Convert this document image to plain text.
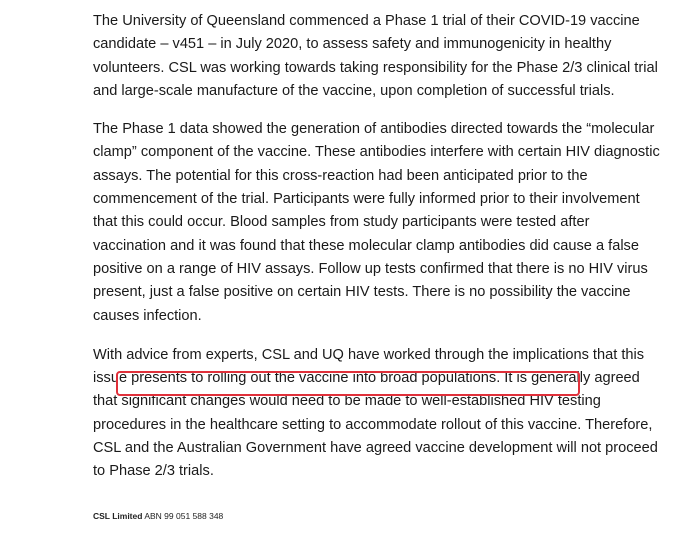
The University of Queensland commenced a Phase 1 trial of their COVID-19 vaccine
candidate – v451 – in July 2020, to assess safety and immunogenicity in healthy
volunteers. CSL was working towards taking responsibility for the Phase 2/3 clinical trial
and large-scale manufacture of the vaccine, upon completion of successful trials.

The Phase 1 data showed the generation of antibodies directed towards the “molecular
clamp” component of the vaccine. These antibodies interfere with certain HIV diagnostic
assays. The potential for this cross-reaction had been anticipated prior to the
commencement of the trial. Participants were fully informed prior to their involvement
that this could occur. Blood samples from study participants were tested after
vaccination and it was found that these molecular clamp antibodies did cause a false
positive on a range of HIV assays. Follow up tests confirmed that there is no HIV virus
present, just a false positive on certain HIV tests. There is no possibility the vaccine
causes infection.

With advice from experts, CSL and UQ have worked through the implications that this
issue presents to rolling out the vaccine into broad populations. It is generally agreed
that significant changes would need to be made to well-established HIV testing
procedures in the healthcare setting to accommodate rollout of this vaccine. Therefore,
CSL and the Australian Government have agreed vaccine development will not proceed
to Phase 2/3 trials.

CSL Limited ABN 99 051 588 348
